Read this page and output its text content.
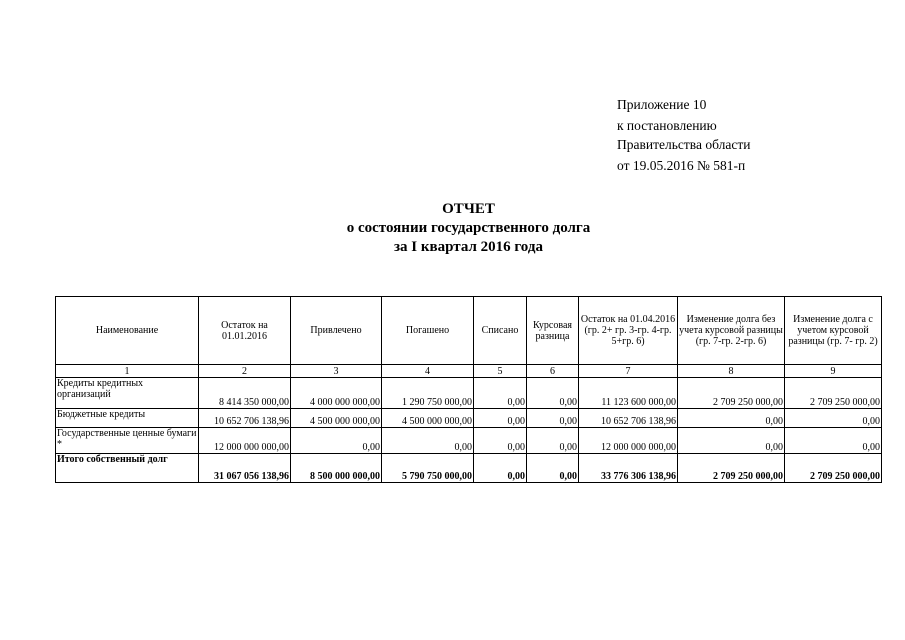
Приложение 10
к постановлению
Правительства области
от 19.05.2016 № 581-п
ОТЧЕТ
о состоянии государственного долга
за I квартал 2016 года
Наименование	Остаток на 01.01.2016	Привлечено	Погашено	Списано	Курсовая разница	Остаток на 01.04.2016 (гр. 2+ гр. 3-гр. 4-гр. 5+гр. 6)	Изменение долга без учета курсовой разницы (гр. 7-гр. 2-гр. 6)	Изменение долга с учетом курсовой разницы (гр. 7- гр. 2)
1	2	3	4	5	6	7	8	9
Кредиты кредитных организаций	8 414 350 000,00	4 000 000 000,00	1 290 750 000,00	0,00	0,00	11 123 600 000,00	2 709 250 000,00	2 709 250 000,00
Бюджетные кредиты	10 652 706 138,96	4 500 000 000,00	4 500 000 000,00	0,00	0,00	10 652 706 138,96	0,00	0,00
Государственные ценные бумаги *	12 000 000 000,00	0,00	0,00	0,00	0,00	12 000 000 000,00	0,00	0,00
Итого собственный долг	31 067 056 138,96	8 500 000 000,00	5 790 750 000,00	0,00	0,00	33 776 306 138,96	2 709 250 000,00	2 709 250 000,00
